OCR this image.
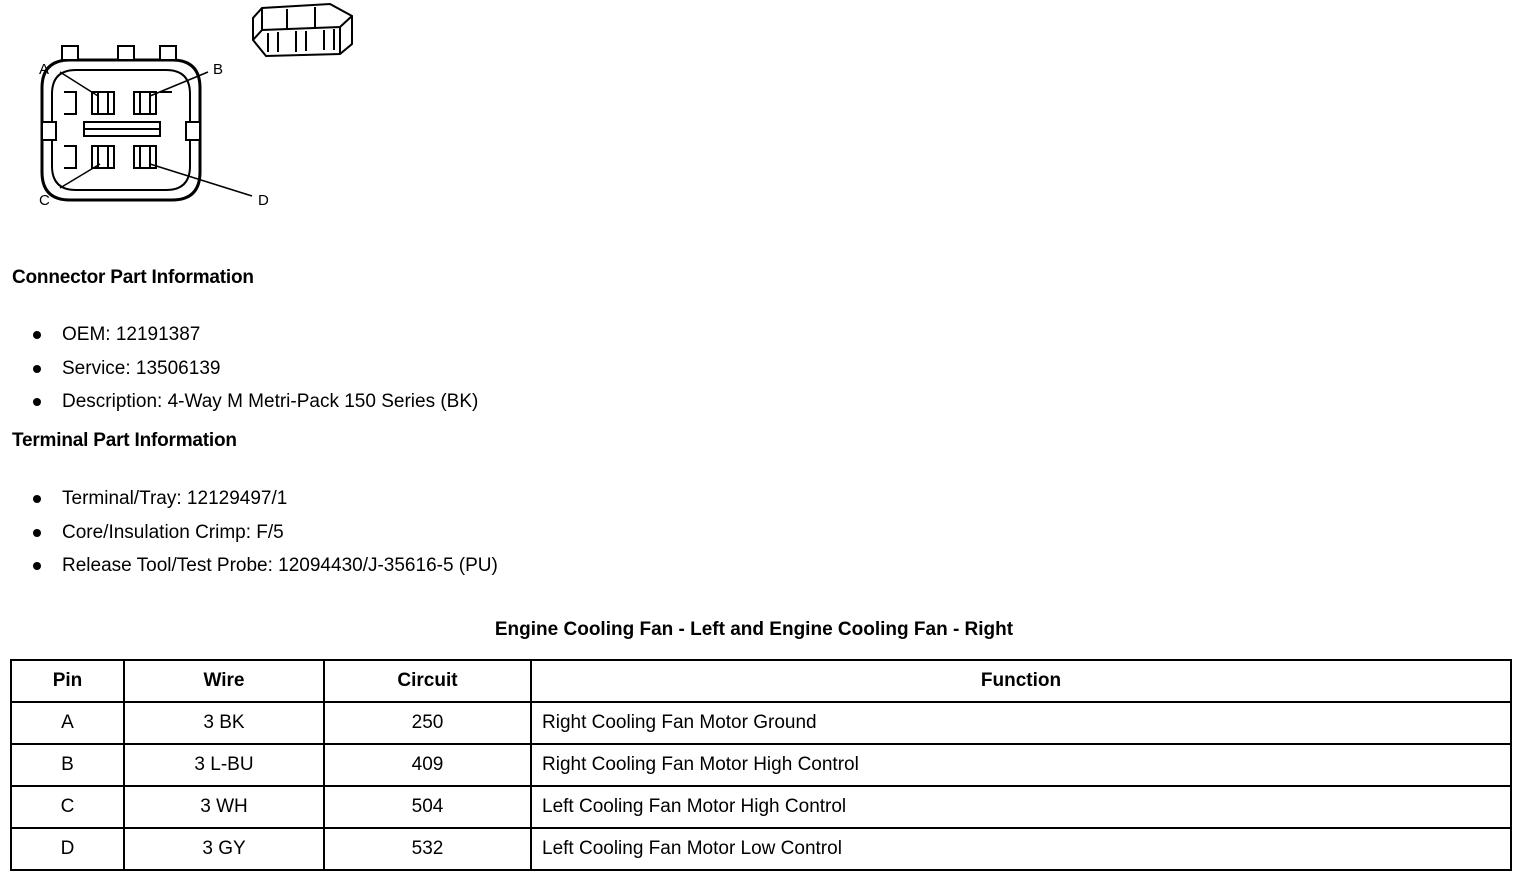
A	B
C	D
Connector Part Information
OEM: 12191387
Service: 13506139
Description: 4-Way M Metri-Pack 150 Series (BK)
Terminal Part Information
Terminal/Tray: 12129497/1
Core/Insulation Crimp: F/5
Release Tool/Test Probe: 12094430/J-35616-5 (PU)
Engine Cooling Fan - Left and Engine Cooling Fan - Right
Pin	Wire	Circuit	Function
A	3 BK	250	Right Cooling Fan Motor Ground
B	3 L-BU	409	Right Cooling Fan Motor High Control
C	3 WH	504	Left Cooling Fan Motor High Control
D	3 GY	532	Left Cooling Fan Motor Low Control
